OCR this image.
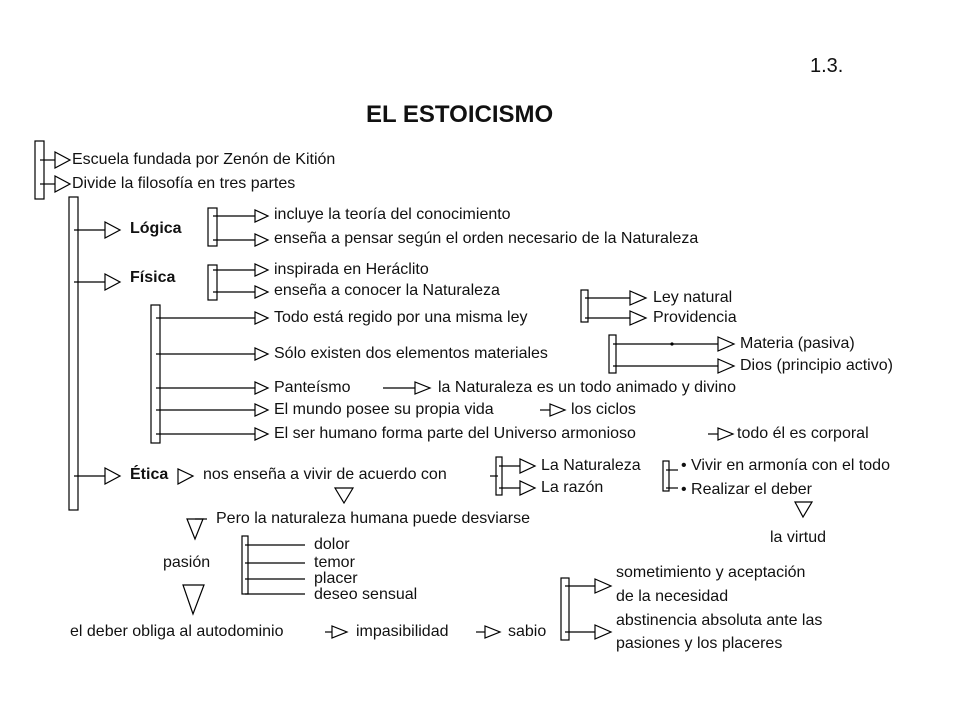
1.3.
EL ESTOICISMO
Escuela fundada por Zenón de Kitión
Divide la filosofía en tres partes
Lógica
incluye la teoría del conocimiento
enseña a pensar según el orden necesario de la Naturaleza
Física	inspirada en Heráclito
enseña a conocer la Naturaleza
Todo está regido por una misma ley
Ley natural
Providencia
Sólo existen dos elementos materiales
Materia (pasiva)
Dios (principio activo)
Panteísmo	la Naturaleza es un todo animado y divino
El mundo posee su propia vida	los ciclos
El ser humano forma parte del Universo armonioso	todo él es corporal
Ética nos enseña a vivir de acuerdo con
La Naturaleza
La razón
• Vivir en armonía con el todo
• Realizar el deber
la virtud
Pero la naturaleza humana puede desviarse
pasión
dolor
temor
placer
deseo sensual
el deber obliga al autodominio	impasibilidad	sabio
sometimiento y aceptación
de la necesidad
abstinencia absoluta ante las
pasiones y los placeres
